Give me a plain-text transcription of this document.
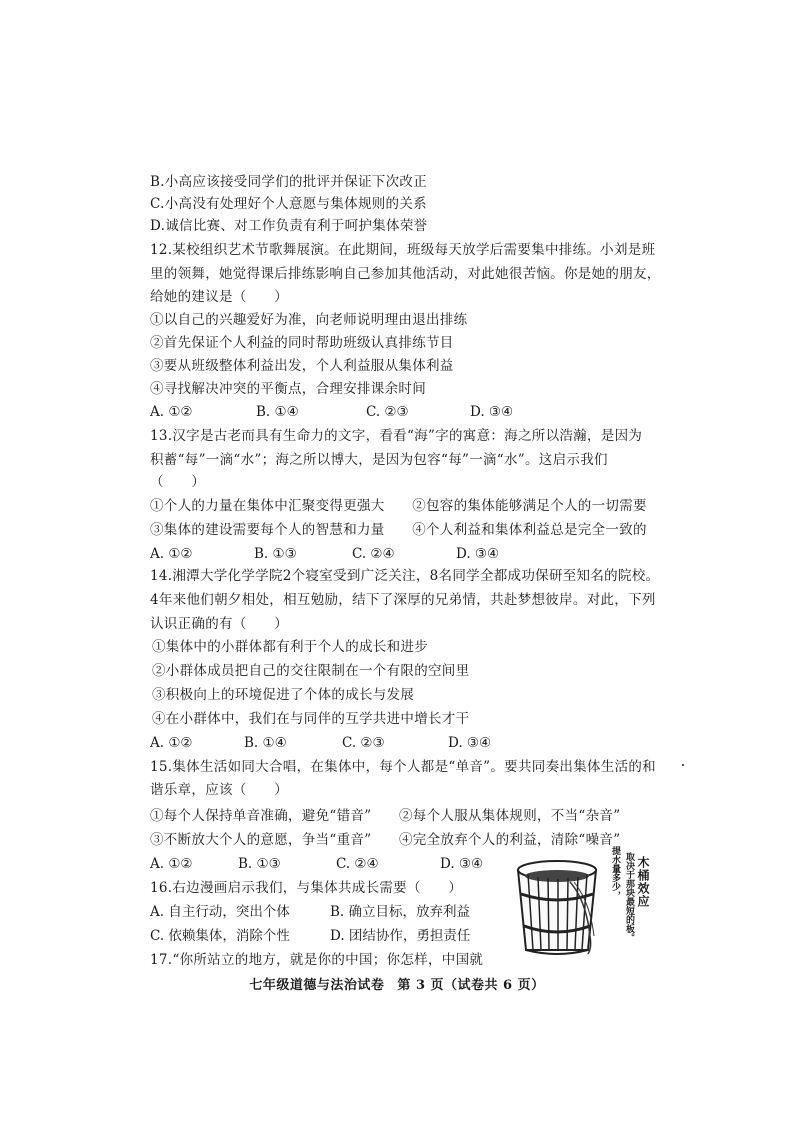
B.小高应该接受同学们的批评并保证下次改正
C.小高没有处理好个人意愿与集体规则的关系
D.诚信比赛、对工作负责有利于呵护集体荣誉
12.某校组织艺术节歌舞展演。在此期间，班级每天放学后需要集中排练。小刘是班
里的领舞，她觉得课后排练影响自己参加其他活动，对此她很苦恼。你是她的朋友，
给她的建议是（　　）
①以自己的兴趣爱好为准，向老师说明理由退出排练
②首先保证个人利益的同时帮助班级认真排练节目
③要从班级整体利益出发，个人利益服从集体利益
④寻找解决冲突的平衡点，合理安排课余时间
A. ①②	B. ①④	C. ②③	D. ③④
13.汉字是古老而具有生命力的文字，看看“海”字的寓意：海之所以浩瀚，是因为
积蓄“每”一滴“水”；海之所以博大，是因为包容“每”一滴“水”。这启示我们
（　　）
①个人的力量在集体中汇聚变得更强大　　②包容的集体能够满足个人的一切需要
③集体的建设需要每个人的智慧和力量　　④个人利益和集体利益总是完全一致的
A. ①②	B. ①③	C. ②④	D. ③④
14.湘潭大学化学学院2个寝室受到广泛关注，8名同学全都成功保研至知名的院校。
4年来他们朝夕相处，相互勉励，结下了深厚的兄弟情，共赴梦想彼岸。对此，下列
认识正确的有（　　）
①集体中的小群体都有利于个人的成长和进步
②小群体成员把自己的交往限制在一个有限的空间里
③积极向上的环境促进了个体的成长与发展
④在小群体中，我们在与同伴的互学共进中增长才干
A. ①②	B. ①④	C. ②③	D. ③④
15.集体生活如同大合唱，在集体中，每个人都是“单音”。要共同奏出集体生活的和
谐乐章，应该（　　）
①每个人保持单音准确，避免“错音”　　②每个人服从集体规则，不当“杂音”
③不断放大个人的意愿，争当“重音”　　④完全放弃个人的利益，清除“噪音”
A. ①②	B. ①③	C. ②④	D. ③④
16.右边漫画启示我们，与集体共成长需要（　　）
A. 自主行动，突出个体	B. 确立目标，放弃利益
C. 依赖集体，消除个性	D. 团结协作，勇担责任
17.“你所站立的地方，就是你的中国；你怎样，中国就
提水量多少， 取决于那块最短的板。 木桶效应
七年级道德与法治试卷 第 3 页（试卷共 6 页）
